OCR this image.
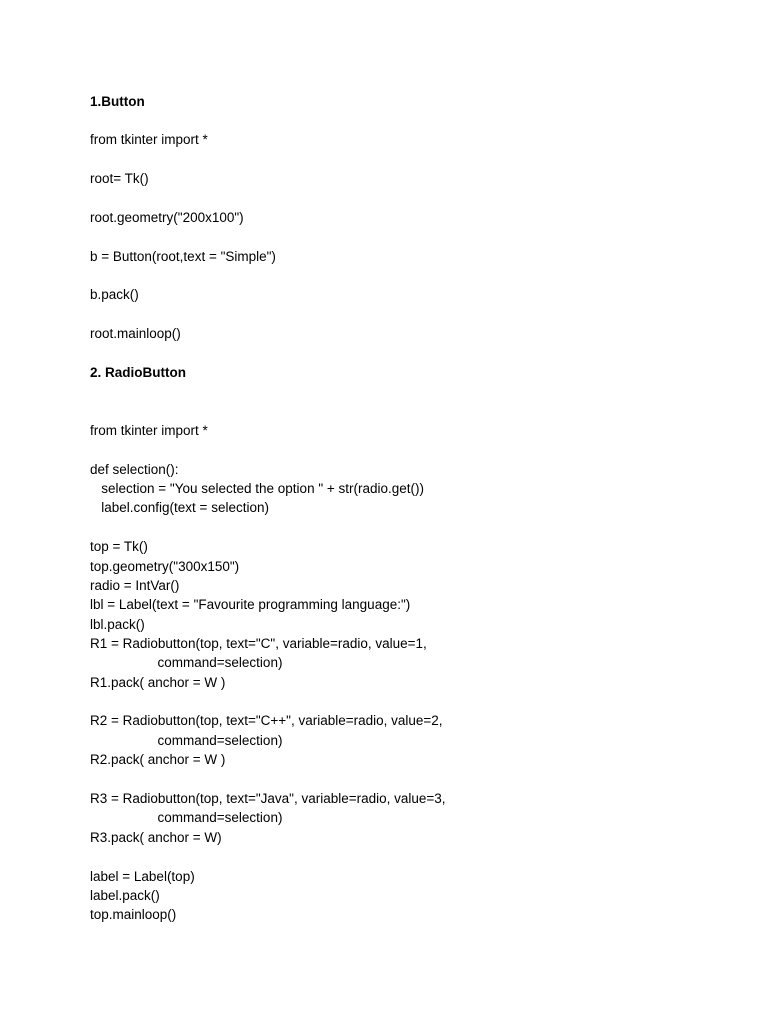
1.Button

from tkinter import *

root= Tk()

root.geometry("200x100")

b = Button(root,text = "Simple")

b.pack()

root.mainloop()

2. RadioButton

from tkinter import *

def selection():

selection = "You selected the option " + str(radio.get())

label.config(text = selection)

top = Tk()

top.geometry("300x150")

radio = IntVar()

lbl = Label(text = "Favourite programming language:")

lbl.pack()

R1 = Radiobutton(top, text="C", variable=radio, value=1,

command=selection)

R1.pack( anchor = W )

R2 = Radiobutton(top, text="C++", variable=radio, value=2,

command=selection)

R2.pack( anchor = W )

R3 = Radiobutton(top, text="Java", variable=radio, value=3,

command=selection)

R3.pack( anchor = W)

label = Label(top)

label.pack()

top.mainloop()
